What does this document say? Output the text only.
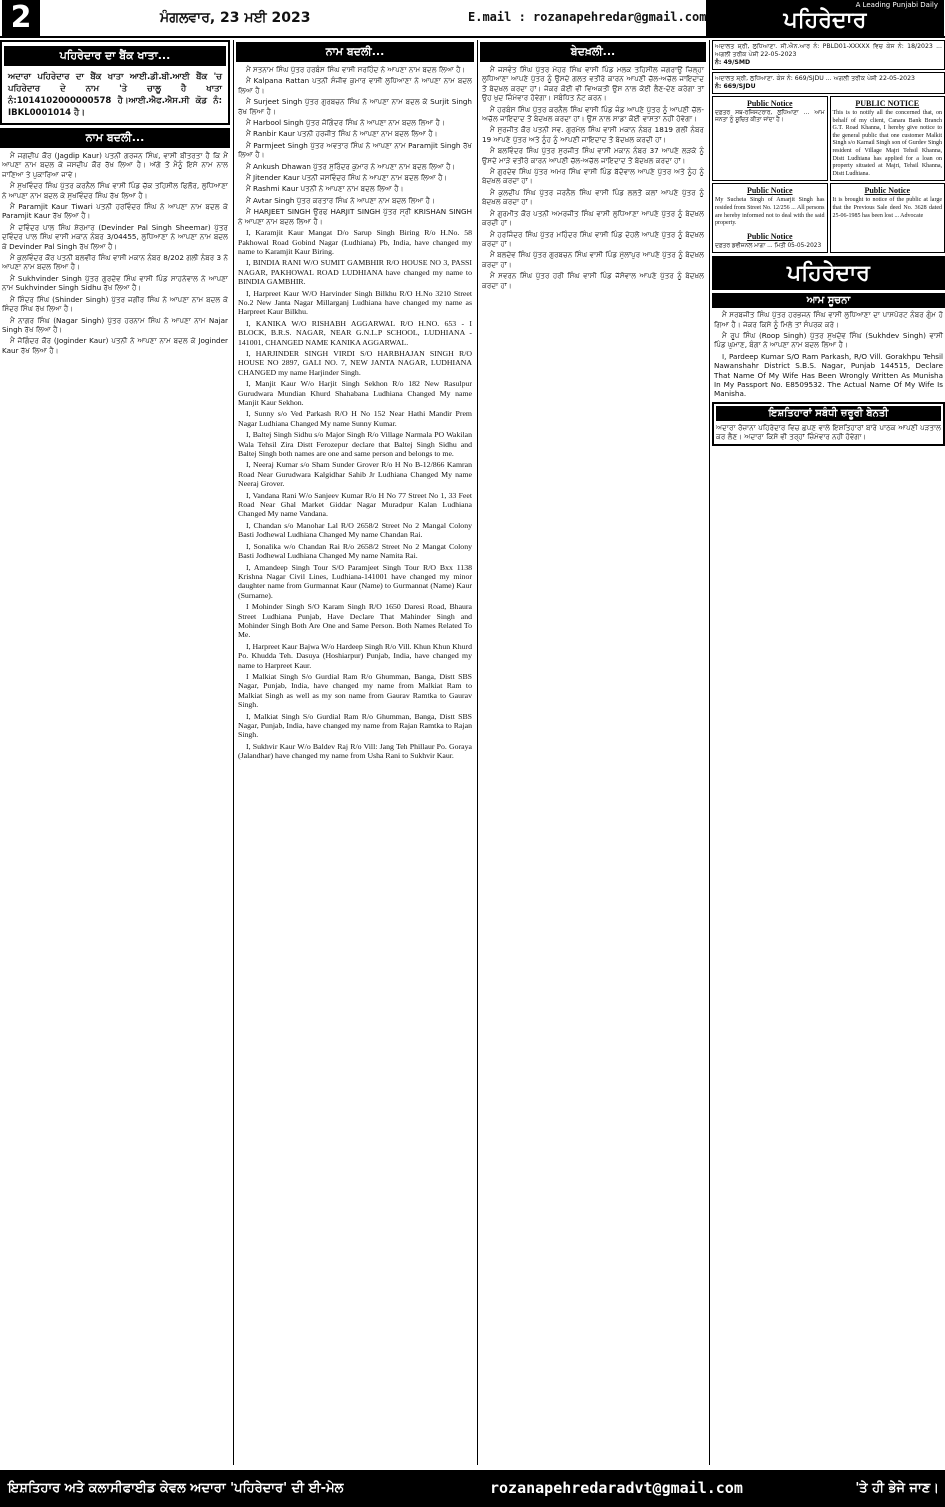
2	ਮੰਗਲਵਾਰ, 23 ਮਈ 2023	E.mail : rozanapehredar@gmail.com
A Leading Punjabi Daily
ਪਹਿਰੇਦਾਰ
ਪਹਿਰੇਦਾਰ ਦਾ ਬੈਂਕ ਖਾਤਾ...
ਅਦਾਰਾ ਪਹਿਰੇਦਾਰ ਦਾ ਬੈਂਕ ਖਾਤਾ ਆਈ.ਡੀ.ਬੀ.ਆਈ ਬੈਂਕ 'ਚ ਪਹਿਰੇਦਾਰ ਦੇ ਨਾਮ 'ਤੇ ਚਾਲੂ ਹੈ ਖਾਤਾ ਨੰ:1014102000000578 ਹੈ।ਆਈ.ਐਫ.ਐਸ.ਸੀ ਕੋਡ ਨੰ: IBKL0001014 ਹੈ।
ਨਾਮ ਬਦਲੀ...

ਮੈਂ ਜਗਦੀਪ ਕੌਰ (Jagdip Kaur) ਪਤਨੀ ਗਰਜਨ ਸਿੰਘ, ਵਾਸੀ ਬੀਤਰਤਾ ਹੈ ਕਿ ਮੈਂ ਆਪਣਾ ਨਾਮ ਬਦਲ ਕੇ ਜਸਦੀਪ ਕੌਰ ਰੱਖ ਲਿਆ ਹੈ। ਅੱਗੇ ਤੋਂ ਮੈਨੂੰ ਇਸੇ ਨਾਮ ਨਾਲ ਜਾਣਿਆ ਤੇ ਪੁਕਾਰਿਆ ਜਾਵੇ।

ਮੈਂ ਸੁਖਵਿੰਦਰ ਸਿੰਘ ਪੁੱਤਰ ਕਰਨੈਲ ਸਿੰਘ ਵਾਸੀ ਪਿੰਡ ਚੱਕ ਤਹਿਸੀਲ ਫਿਲੌਰ, ਲੁਧਿਆਣਾ ਨੇ ਆਪਣਾ ਨਾਮ ਬਦਲ ਕੇ ਸੁਖਵਿੰਦਰ ਸਿੰਘ ਰੱਖ ਲਿਆ ਹੈ।

ਮੈਂ Paramjit Kaur Tiwari ਪਤਨੀ ਹਰਵਿੰਦਰ ਸਿੰਘ ਨੇ ਆਪਣਾ ਨਾਮ ਬਦਲ ਕੇ Paramjit Kaur ਰੱਖ ਲਿਆ ਹੈ।

ਮੈਂ ਦਵਿੰਦਰ ਪਾਲ ਸਿੰਘ ਸ਼ੇਰਮਾਰ (Devinder Pal Singh Sheemar) ਪੁੱਤਰ ਦਵਿੰਦਰ ਪਾਲ ਸਿੰਘ ਵਾਸੀ ਮਕਾਨ ਨੰਬਰ 3/04455, ਲੁਧਿਆਣਾ ਨੇ ਆਪਣਾ ਨਾਮ ਬਦਲ ਕੇ Devinder Pal Singh ਰੱਖ ਲਿਆ ਹੈ।

ਮੈਂ ਕੁਲਵਿੰਦਰ ਕੌਰ ਪਤਨੀ ਬਲਵੀਰ ਸਿੰਘ ਵਾਸੀ ਮਕਾਨ ਨੰਬਰ 8/202 ਗਲੀ ਨੰਬਰ 3 ਨੇ ਆਪਣਾ ਨਾਮ ਬਦਲ ਲਿਆ ਹੈ।

ਮੈਂ Sukhvinder Singh ਪੁੱਤਰ ਗੁਰਦੇਵ ਸਿੰਘ ਵਾਸੀ ਪਿੰਡ ਸਾਹਨੇਵਾਲ ਨੇ ਆਪਣਾ ਨਾਮ Sukhvinder Singh Sidhu ਰੱਖ ਲਿਆ ਹੈ।

ਮੈਂ ਸ਼ਿੰਦਰ ਸਿੰਘ (Shinder Singh) ਪੁੱਤਰ ਜਗੀਰ ਸਿੰਘ ਨੇ ਆਪਣਾ ਨਾਮ ਬਦਲ ਕੇ ਸਿੰਦਰ ਸਿੰਘ ਰੱਖ ਲਿਆ ਹੈ।

ਮੈਂ ਨਾਗਰ ਸਿੰਘ (Nagar Singh) ਪੁੱਤਰ ਹਰਨਾਮ ਸਿੰਘ ਨੇ ਆਪਣਾ ਨਾਮ Najar Singh ਰੱਖ ਲਿਆ ਹੈ।

ਮੈਂ ਜੋਗਿੰਦਰ ਕੌਰ (Joginder Kaur) ਪਤਨੀ ਨੇ ਆਪਣਾ ਨਾਮ ਬਦਲ ਕੇ Joginder Kaur ਰੱਖ ਲਿਆ ਹੈ।

ਨਾਮ ਬਦਲੀ...

ਮੈਂ ਸਤਨਾਮ ਸਿੰਘ ਪੁੱਤਰ ਹਰਬੰਸ ਸਿੰਘ ਵਾਸੀ ਸਰਹਿੰਦ ਨੇ ਆਪਣਾ ਨਾਮ ਬਦਲ ਲਿਆ ਹੈ।

ਮੈਂ Kalpana Rattan ਪਤਨੀ ਸੰਜੀਵ ਕੁਮਾਰ ਵਾਸੀ ਲੁਧਿਆਣਾ ਨੇ ਆਪਣਾ ਨਾਮ ਬਦਲ ਲਿਆ ਹੈ।

ਮੈਂ Surjeet Singh ਪੁੱਤਰ ਗੁਰਬਚਨ ਸਿੰਘ ਨੇ ਆਪਣਾ ਨਾਮ ਬਦਲ ਕੇ Surjit Singh ਰੱਖ ਲਿਆ ਹੈ।

ਮੈਂ Harbool Singh ਪੁੱਤਰ ਜੋਗਿੰਦਰ ਸਿੰਘ ਨੇ ਆਪਣਾ ਨਾਮ ਬਦਲ ਲਿਆ ਹੈ।

ਮੈਂ Ranbir Kaur ਪਤਨੀ ਹਰਜੀਤ ਸਿੰਘ ਨੇ ਆਪਣਾ ਨਾਮ ਬਦਲ ਲਿਆ ਹੈ।

ਮੈਂ Parmjeet Singh ਪੁੱਤਰ ਅਵਤਾਰ ਸਿੰਘ ਨੇ ਆਪਣਾ ਨਾਮ Paramjit Singh ਰੱਖ ਲਿਆ ਹੈ।

ਮੈਂ Ankush Dhawan ਪੁੱਤਰ ਸੁਰਿੰਦਰ ਕੁਮਾਰ ਨੇ ਆਪਣਾ ਨਾਮ ਬਦਲ ਲਿਆ ਹੈ।

ਮੈਂ Jitender Kaur ਪਤਨੀ ਜਸਵਿੰਦਰ ਸਿੰਘ ਨੇ ਆਪਣਾ ਨਾਮ ਬਦਲ ਲਿਆ ਹੈ।

ਮੈਂ Rashmi Kaur ਪਤਨੀ ਨੇ ਆਪਣਾ ਨਾਮ ਬਦਲ ਲਿਆ ਹੈ।

ਮੈਂ Avtar Singh ਪੁੱਤਰ ਕਰਤਾਰ ਸਿੰਘ ਨੇ ਆਪਣਾ ਨਾਮ ਬਦਲ ਲਿਆ ਹੈ।

ਮੈਂ HARJEET SINGH ਉਰਫ HARJIT SINGH ਪੁੱਤਰ ਸ੍ਰੀ KRISHAN SINGH ਨੇ ਆਪਣਾ ਨਾਮ ਬਦਲ ਲਿਆ ਹੈ।

I, Karamjit Kaur Mangat D/o Sarup Singh Biring R/o H.No. 58 Pakhowal Road Gobind Nagar (Ludhiana) Pb, India, have changed my name to Karamjit Kaur Biring.

I, BINDIA RANI W/O SUMIT GAMBHIR R/O HOUSE NO 3, PASSI NAGAR, PAKHOWAL ROAD LUDHIANA have changed my name to BINDIA GAMBHIR.

I, Harpreet Kaur W/O Harvinder Singh Bilkhu R/O H.No 3210 Street No.2 New Janta Nagar Millarganj Ludhiana have changed my name as Harpreet Kaur Bilkhu.

I, KANIKA W/O RISHABH AGGARWAL R/O H.NO. 653 - I BLOCK, B.R.S. NAGAR, NEAR G.N.L.P SCHOOL, LUDHIANA - 141001, CHANGED NAME KANIKA AGGARWAL.

I, HARJINDER SINGH VIRDI S/O HARBHAJAN SINGH R/O HOUSE NO 2897, GALI NO. 7, NEW JANTA NAGAR, LUDHIANA CHANGED my name Harjinder Singh.

I, Manjit Kaur W/o Harjit Singh Sekhon R/o 182 New Rasulpur Gurudwara Mundian Khurd Shahabana Ludhiana Changed My name Manjit Kaur Sekhon.

I, Sunny s/o Ved Parkash R/O H No 152 Near Hathi Mandir Prem Nagar Ludhiana Changed My name Sunny Kumar.

I, Baltej Singh Sidhu s/o Major Singh R/o Village Narmala PO Wakilan Wala Tehsil Zira Distt Ferozepur declare that Baltej Singh Sidhu and Baltej Singh both names are one and same person and belongs to me.

I, Neeraj Kumar s/o Sham Sunder Grover R/o H No B-12/866 Kamran Road Near Gurudwara Kalgidhar Sahib Jr Ludhiana Changed My name Neeraj Grover.

I, Vandana Rani W/o Sanjeev Kumar R/o H No 77 Street No 1, 33 Feet Road Near Ghal Market Giddar Nagar Muradpur Kalan Ludhiana Changed My name Vandana.

I, Chandan s/o Manohar Lal R/O 2658/2 Street No 2 Mangal Colony Basti Jodhewal Ludhiana Changed My name Chandan Rai.

I, Sonalika w/o Chandan Rai R/o 2658/2 Street No 2 Mangat Colony Basti Jodhewal Ludhiana Changed My name Namita Rai.

I, Amandeep Singh Tour S/O Paramjeet Singh Tour R/O Bxx 1138 Krishna Nagar Civil Lines, Ludhiana-141001 have changed my minor daughter name from Gurmannat Kaur (Name) to Gurmannat (Name) Kaur (Surname).

I Mohinder Singh S/O Karam Singh R/O 1650 Daresi Road, Bhaura Street Ludhiana Punjab, Have Declare That Mahinder Singh and Mohinder Singh Both Are One and Same Person. Both Names Related To Me.

I, Harpreet Kaur Bajwa W/o Hardeep Singh R/o Vill. Khun Khun Khurd Po. Khudda Teh. Dasuya (Hoshiarpur) Punjab, India, have changed my name to Harpreet Kaur.

I Malkiat Singh S/o Gurdial Ram R/o Ghumman, Banga, Distt SBS Nagar, Punjab, India, have changed my name from Malkiat Ram to Malkiat Singh as well as my son name from Gaurav Ramtka to Gaurav Singh.

I, Malkiat Singh S/o Gurdial Ram R/o Ghumman, Banga, Distt SBS Nagar, Punjab, India, have changed my name from Rajan Ramtka to Rajan Singh.

I, Sukhvir Kaur W/o Baldev Raj R/o Vill: Jang Teh Phillaur Po. Goraya (Jalandhar) have changed my name from Usha Rani to Sukhvir Kaur.

ਬੇਦਖ਼ਲੀ...

ਮੈਂ ਜਸਵੰਤ ਸਿੰਘ ਪੁੱਤਰ ਮੇਹਰ ਸਿੰਘ ਵਾਸੀ ਪਿੰਡ ਮਲਕ ਤਹਿਸੀਲ ਜਗਰਾਉਂ ਜ਼ਿਲ੍ਹਾ ਲੁਧਿਆਣਾ ਆਪਣੇ ਪੁੱਤਰ ਨੂੰ ਉਸਦੇ ਗਲਤ ਵਤੀਰੇ ਕਾਰਨ ਆਪਣੀ ਚੱਲ-ਅਚੱਲ ਜਾਇਦਾਦ ਤੋਂ ਬੇਦਖ਼ਲ ਕਰਦਾ ਹਾਂ। ਜੇਕਰ ਕੋਈ ਵੀ ਵਿਅਕਤੀ ਉਸ ਨਾਲ ਕੋਈ ਲੈਣ-ਦੇਣ ਕਰੇਗਾ ਤਾਂ ਉਹ ਖੁਦ ਜ਼ਿੰਮੇਵਾਰ ਹੋਵੇਗਾ। ਸਬੰਧਿਤ ਨੋਟ ਕਰਨ।

ਮੈਂ ਹਰਬੰਸ ਸਿੰਘ ਪੁੱਤਰ ਕਰਨੈਲ ਸਿੰਘ ਵਾਸੀ ਪਿੰਡ ਜੰਡ ਆਪਣੇ ਪੁੱਤਰ ਨੂੰ ਆਪਣੀ ਚੱਲ-ਅਚੱਲ ਜਾਇਦਾਦ ਤੋਂ ਬੇਦਖ਼ਲ ਕਰਦਾ ਹਾਂ। ਉਸ ਨਾਲ ਸਾਡਾ ਕੋਈ ਵਾਸਤਾ ਨਹੀਂ ਹੋਵੇਗਾ।

ਮੈਂ ਸੁਰਜੀਤ ਕੌਰ ਪਤਨੀ ਸਵ. ਗੁਰਮੇਲ ਸਿੰਘ ਵਾਸੀ ਮਕਾਨ ਨੰਬਰ 1819 ਗਲੀ ਨੰਬਰ 19 ਆਪਣੇ ਪੁੱਤਰ ਅਤੇ ਨੂੰਹ ਨੂੰ ਆਪਣੀ ਜਾਇਦਾਦ ਤੋਂ ਬੇਦਖ਼ਲ ਕਰਦੀ ਹਾਂ।

ਮੈਂ ਬਲਵਿੰਦਰ ਸਿੰਘ ਪੁੱਤਰ ਸੁਰਜੀਤ ਸਿੰਘ ਵਾਸੀ ਮਕਾਨ ਨੰਬਰ 37 ਆਪਣੇ ਲੜਕੇ ਨੂੰ ਉਸਦੇ ਮਾੜੇ ਵਤੀਰੇ ਕਾਰਨ ਆਪਣੀ ਚੱਲ-ਅਚੱਲ ਜਾਇਦਾਦ ਤੋਂ ਬੇਦਖ਼ਲ ਕਰਦਾ ਹਾਂ।

ਮੈਂ ਗੁਰਦੇਵ ਸਿੰਘ ਪੁੱਤਰ ਅਮਰ ਸਿੰਘ ਵਾਸੀ ਪਿੰਡ ਬੱਦੋਵਾਲ ਆਪਣੇ ਪੁੱਤਰ ਅਤੇ ਨੂੰਹ ਨੂੰ ਬੇਦਖ਼ਲ ਕਰਦਾ ਹਾਂ।

ਮੈਂ ਕੁਲਦੀਪ ਸਿੰਘ ਪੁੱਤਰ ਜਰਨੈਲ ਸਿੰਘ ਵਾਸੀ ਪਿੰਡ ਲਲਤੋਂ ਕਲਾਂ ਆਪਣੇ ਪੁੱਤਰ ਨੂੰ ਬੇਦਖ਼ਲ ਕਰਦਾ ਹਾਂ।

ਮੈਂ ਗੁਰਮੀਤ ਕੌਰ ਪਤਨੀ ਅਮਰਜੀਤ ਸਿੰਘ ਵਾਸੀ ਲੁਧਿਆਣਾ ਆਪਣੇ ਪੁੱਤਰ ਨੂੰ ਬੇਦਖ਼ਲ ਕਰਦੀ ਹਾਂ।

ਮੈਂ ਹਰਜਿੰਦਰ ਸਿੰਘ ਪੁੱਤਰ ਮਹਿੰਦਰ ਸਿੰਘ ਵਾਸੀ ਪਿੰਡ ਦੇਹਲੋਂ ਆਪਣੇ ਪੁੱਤਰ ਨੂੰ ਬੇਦਖ਼ਲ ਕਰਦਾ ਹਾਂ।

ਮੈਂ ਬਲਦੇਵ ਸਿੰਘ ਪੁੱਤਰ ਗੁਰਬਚਨ ਸਿੰਘ ਵਾਸੀ ਪਿੰਡ ਮੁੱਲਾਂਪੁਰ ਆਪਣੇ ਪੁੱਤਰ ਨੂੰ ਬੇਦਖ਼ਲ ਕਰਦਾ ਹਾਂ।

ਮੈਂ ਸਵਰਨ ਸਿੰਘ ਪੁੱਤਰ ਹਰੀ ਸਿੰਘ ਵਾਸੀ ਪਿੰਡ ਜੱਸੋਵਾਲ ਆਪਣੇ ਪੁੱਤਰ ਨੂੰ ਬੇਦਖ਼ਲ ਕਰਦਾ ਹਾਂ।

ਅਦਾਲਤ ਸ਼੍ਰੀ, ਲੁਧਿਆਣਾ. ਸੀ.ਐਨ.ਆਰ ਨੰ: PBLD01-XXXXX ਵਿਚ ਕੇਸ ਨੰ: 18/2023 ... ਅਗਲੀ ਤਰੀਕ ਪੇਸ਼ੀ 22-05-2023
ਨੰ: 49/SMD
ਅਦਾਲਤ ਸ਼੍ਰੀ, ਲੁਧਿਆਣਾ. ਕੇਸ ਨੰ: 669/SJDU ... ਅਗਲੀ ਤਰੀਕ ਪੇਸ਼ੀ 22-05-2023
ਨੰ: 669/SJDU
Public Notice
ਦਫ਼ਤਰ ਸਬ-ਰਜਿਸਟਰਾਰ, ਲੁਧਿਆਣਾ ... ਆਮ ਜਨਤਾ ਨੂੰ ਸੂਚਿਤ ਕੀਤਾ ਜਾਂਦਾ ਹੈ।
PUBLIC NOTICE
This is to notify all the concerned that, on behalf of my client, Canara Bank Branch G.T. Road Khanna, I hereby give notice to the general public that one customer Malkit Singh s/o Karnail Singh son of Gurdev Singh resident of Village Majri Tehsil Khanna, Distt Ludhiana has applied for a loan on property situated at Majri, Tehsil Khanna, Distt Ludhiana.
Public Notice
My Sucheta Singh of Amarjit Singh has resided from Street No. 12/256 ... All persons are hereby informed not to deal with the said property.
Public Notice
ਦਫ਼ਤਰ ਡਵੀਜ਼ਨਲ ਮਾਗਾ ... ਮਿਤੀ 05-05-2023
Public Notice
It is brought to notice of the public at large that the Previous Sale deed No. 3628 dated 25-06-1985 has been lost ... Advocate
ਪਹਿਰੇਦਾਰ
ਆਮ ਸੂਚਨਾ

ਮੈਂ ਸਰਬਜੀਤ ਸਿੰਘ ਪੁੱਤਰ ਹਰਭਜਨ ਸਿੰਘ ਵਾਸੀ ਲੁਧਿਆਣਾ ਦਾ ਪਾਸਪੋਰਟ ਨੰਬਰ ਗੁੰਮ ਹੋ ਗਿਆ ਹੈ। ਜੇਕਰ ਕਿਸੇ ਨੂੰ ਮਿਲੇ ਤਾਂ ਸੰਪਰਕ ਕਰੇ।

ਮੈਂ ਰੂਪ ਸਿੰਘ (Roop Singh) ਪੁੱਤਰ ਸੁਖਦੇਵ ਸਿੰਘ (Sukhdev Singh) ਵਾਸੀ ਪਿੰਡ ਘੁਮਾਣ, ਬੰਗਾ ਨੇ ਆਪਣਾ ਨਾਮ ਬਦਲ ਲਿਆ ਹੈ।

I, Pardeep Kumar S/O Ram Parkash, R/O Vill. Gorakhpu Tehsil Nawanshahr District S.B.S. Nagar, Punjab 144515, Declare That Name Of My Wife Has Been Wrongly Written As Munisha In My Passport No. E8509532. The Actual Name Of My Wife Is Manisha.

ਇਸ਼ਤਿਹਾਰਾਂ ਸਬੰਧੀ ਜ਼ਰੂਰੀ ਬੇਨਤੀ
ਅਦਾਰਾ ਰੋਜ਼ਾਨਾ ਪਹਿਰੇਦਾਰ ਵਿਚ ਛਪਣ ਵਾਲੇ ਇਸ਼ਤਿਹਾਰਾਂ ਬਾਰੇ ਪਾਠਕ ਆਪਣੀ ਪੜਤਾਲ ਕਰ ਲੈਣ। ਅਦਾਰਾ ਕਿਸੇ ਵੀ ਤਰ੍ਹਾਂ ਜ਼ਿੰਮੇਵਾਰ ਨਹੀਂ ਹੋਵੇਗਾ।
ਇਸ਼ਤਿਹਾਰ ਅਤੇ ਕਲਾਸੀਫਾਈਡ ਕੇਵਲ ਅਦਾਰਾ 'ਪਹਿਰੇਦਾਰ' ਦੀ ਈ-ਮੇਲ	rozanapehredaradvt@gmail.com	'ਤੇ ਹੀ ਭੇਜੇ ਜਾਣ।
